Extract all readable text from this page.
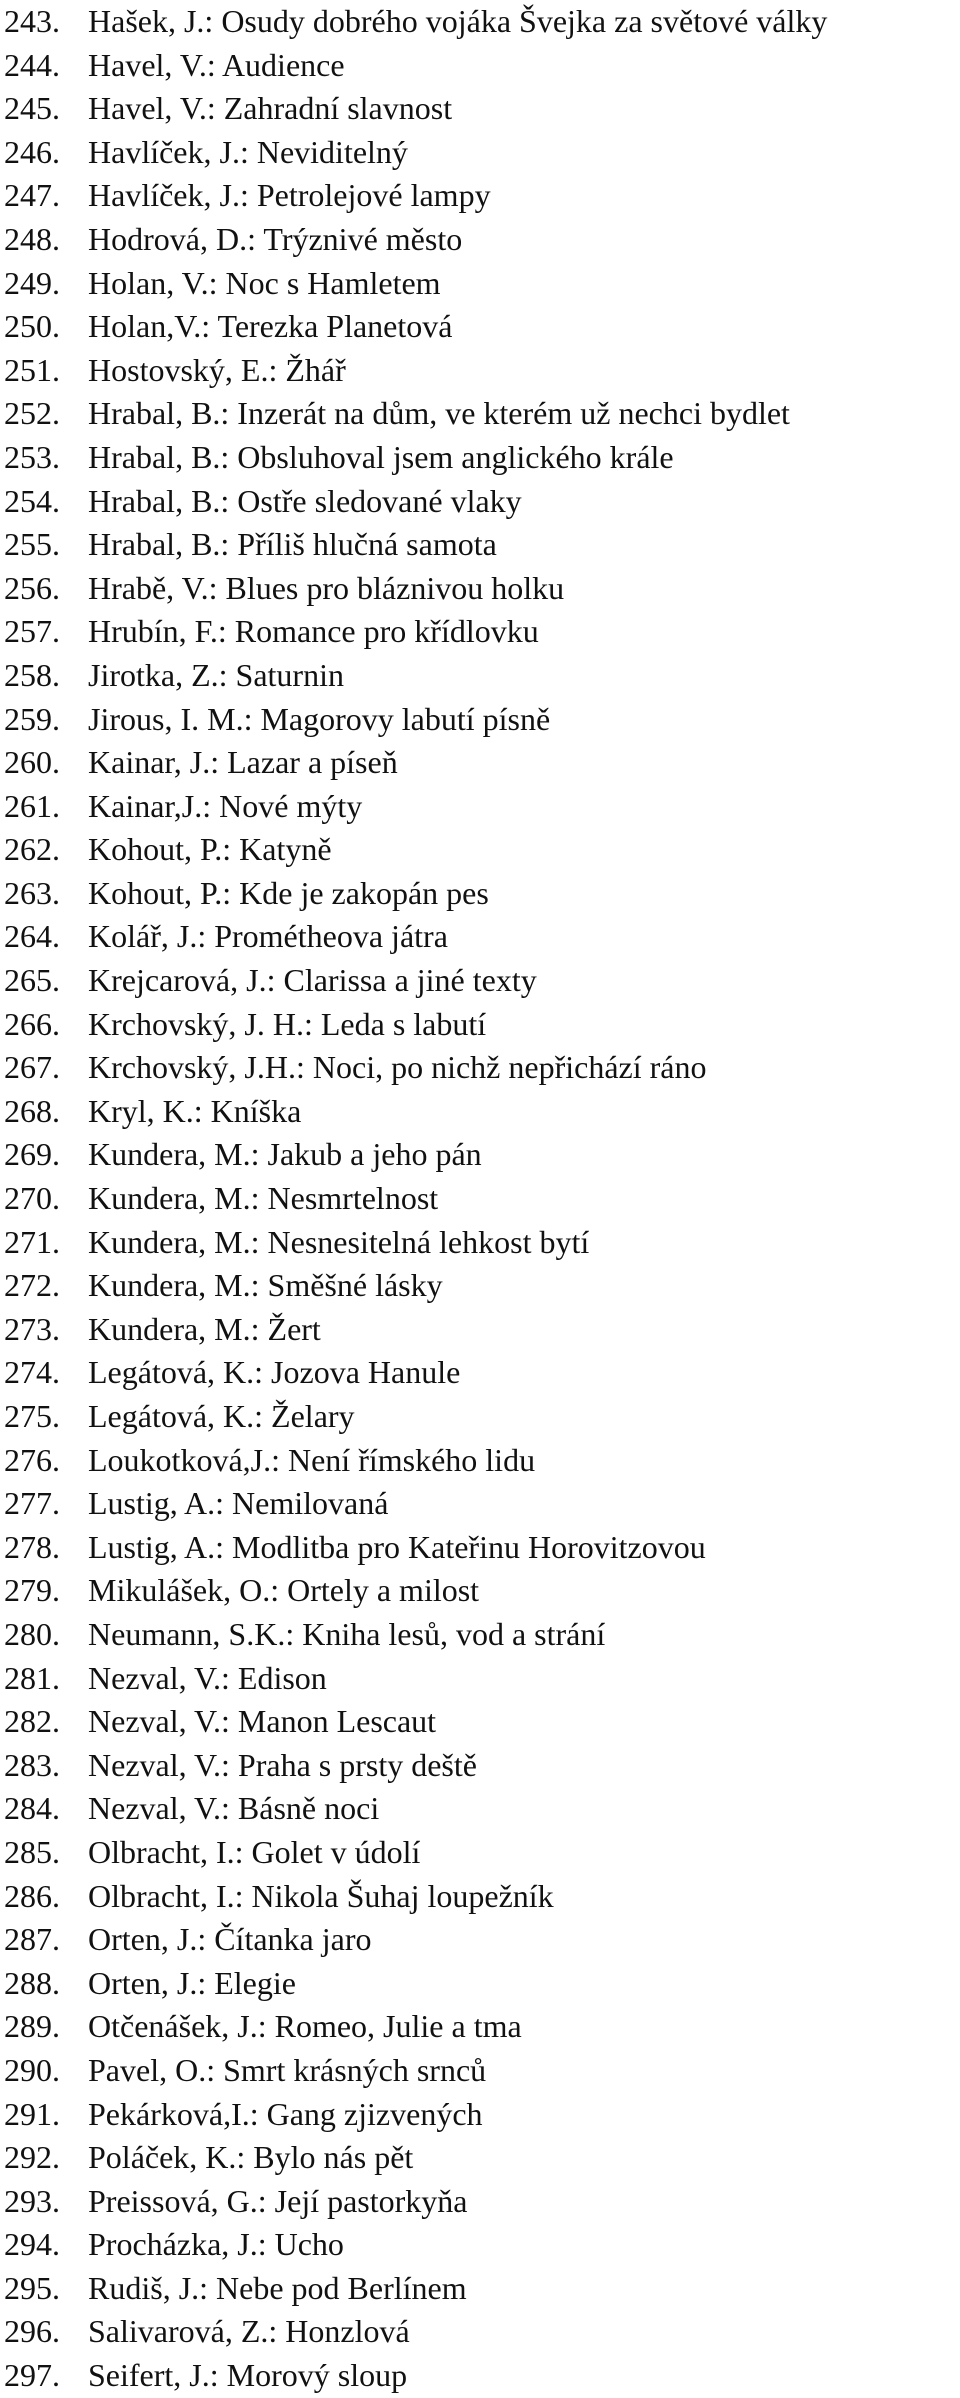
243. Hašek, J.: Osudy dobrého vojáka Švejka za světové války
244. Havel, V.: Audience
245. Havel, V.: Zahradní slavnost
246. Havlíček, J.: Neviditelný
247. Havlíček, J.: Petrolejové lampy
248. Hodrová, D.: Trýznivé město
249. Holan, V.: Noc s Hamletem
250. Holan,V.: Terezka Planetová
251. Hostovský, E.: Žhář
252. Hrabal, B.: Inzerát na dům, ve kterém už nechci bydlet
253. Hrabal, B.: Obsluhoval jsem anglického krále
254. Hrabal, B.: Ostře sledované vlaky
255. Hrabal, B.: Příliš hlučná samota
256. Hrabě, V.: Blues pro bláznivou holku
257. Hrubín, F.: Romance pro křídlovku
258. Jirotka, Z.: Saturnin
259. Jirous, I. M.: Magorovy labutí písně
260. Kainar, J.: Lazar a píseň
261. Kainar,J.: Nové mýty
262. Kohout, P.: Katyně
263. Kohout, P.: Kde je zakopán pes
264. Kolář, J.: Prométheova játra
265. Krejcarová, J.: Clarissa a jiné texty
266. Krchovský, J. H.: Leda s labutí
267. Krchovský, J.H.: Noci, po nichž nepřichází ráno
268. Kryl, K.: Kníška
269. Kundera, M.: Jakub a jeho pán
270. Kundera, M.: Nesmrtelnost
271. Kundera, M.: Nesnesitelná lehkost bytí
272. Kundera, M.: Směšné lásky
273. Kundera, M.: Žert
274. Legátová, K.: Jozova Hanule
275. Legátová, K.: Želary
276. Loukotková,J.: Není římského lidu
277. Lustig, A.: Nemilovaná
278. Lustig, A.: Modlitba pro Kateřinu Horovitzovou
279. Mikulášek, O.: Ortely a milost
280. Neumann, S.K.: Kniha lesů, vod a strání
281. Nezval, V.: Edison
282. Nezval, V.: Manon Lescaut
283. Nezval, V.: Praha s prsty deště
284. Nezval, V.: Básně noci
285. Olbracht, I.: Golet v údolí
286. Olbracht, I.: Nikola Šuhaj loupežník
287. Orten, J.: Čítanka jaro
288. Orten, J.: Elegie
289. Otčenášek, J.: Romeo, Julie a tma
290. Pavel, O.: Smrt krásných srnců
291. Pekárková,I.: Gang zjizvených
292. Poláček, K.: Bylo nás pět
293. Preissová, G.: Její pastorkyňa
294. Procházka, J.: Ucho
295. Rudiš, J.: Nebe pod Berlínem
296. Salivarová, Z.: Honzlová
297. Seifert, J.: Morový sloup
